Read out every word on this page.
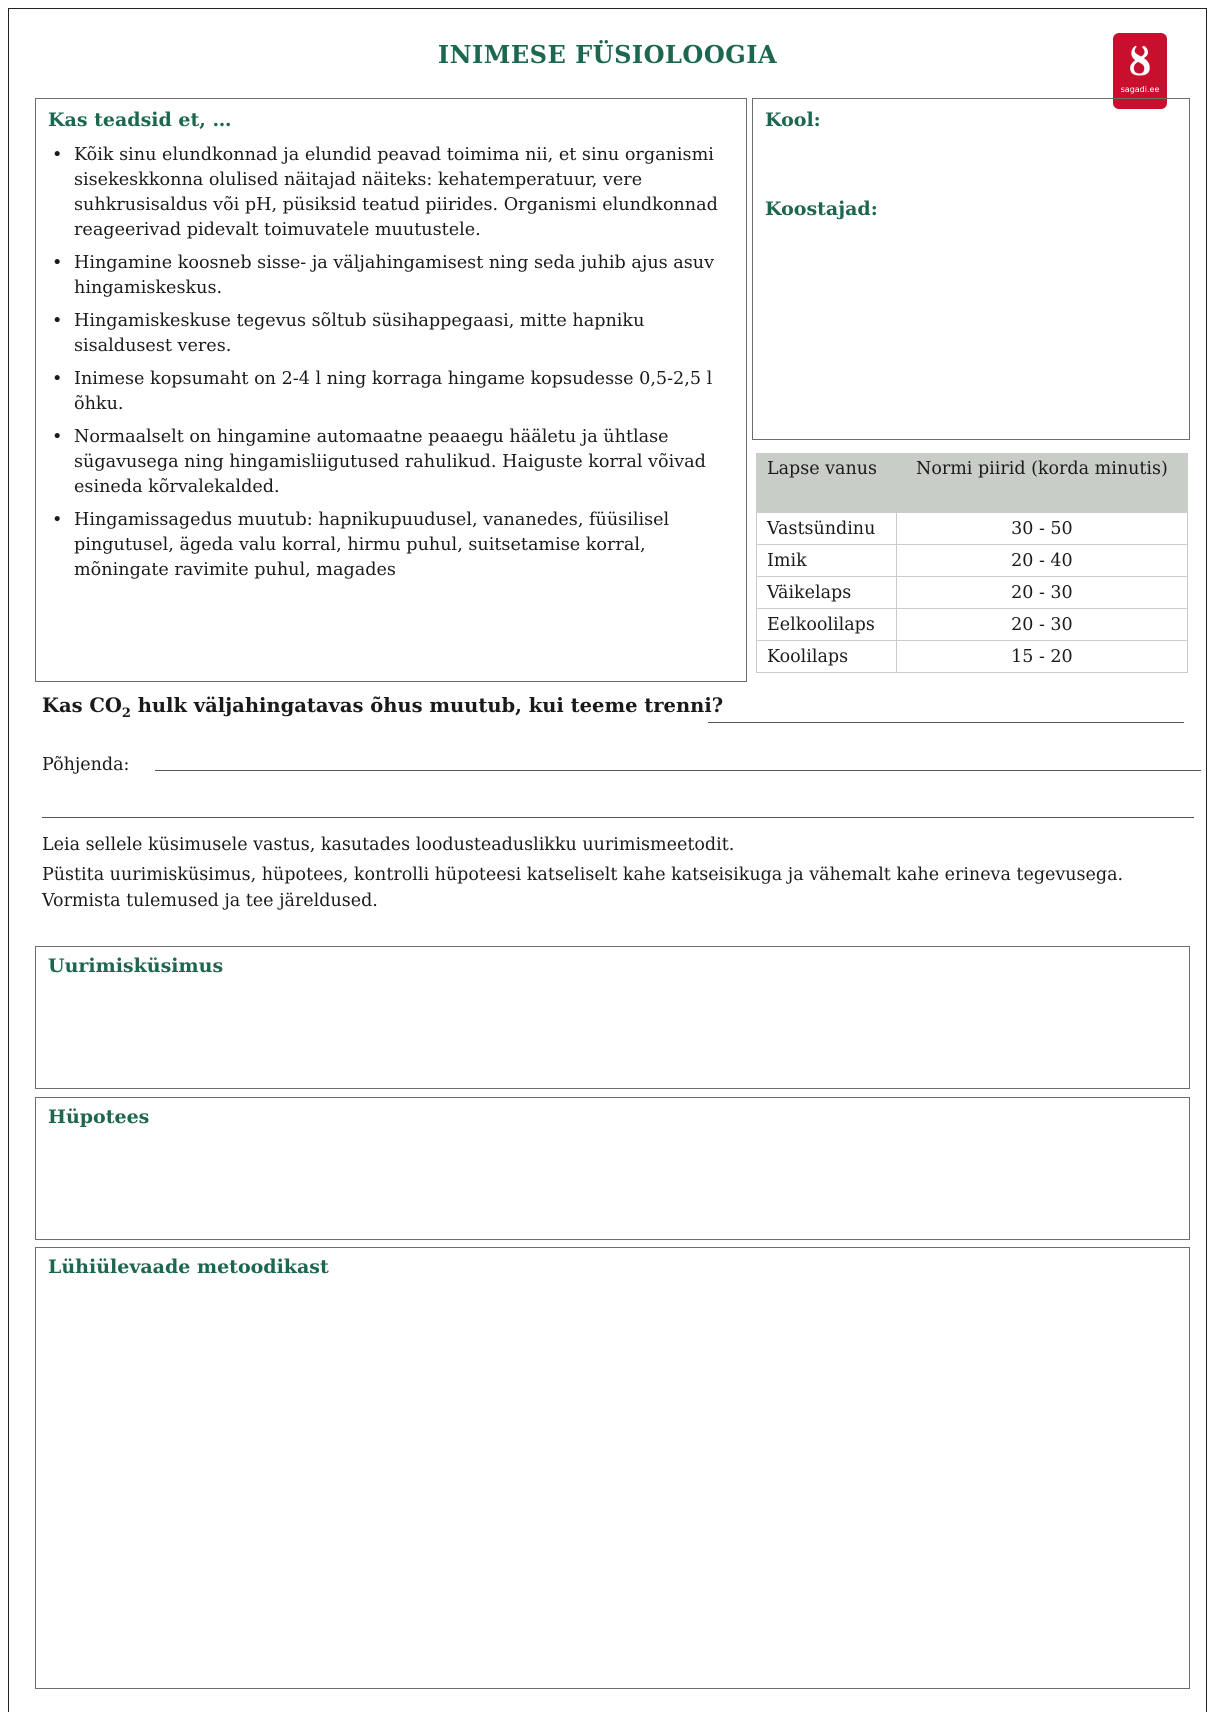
INIMESE FÜSIOLOOGIA	ȣ
sagadi.ee
Kas teadsid et, …
• Kõik sinu elundkonnad ja elundid peavad toimima nii, et sinu organismi sisekeskkonna olulised näitajad näiteks: kehatemperatuur, vere suhkrusisaldus või pH, püsiksid teatud piirides. Organismi elundkonnad reageerivad pidevalt toimuvatele muutustele.
• Hingamine koosneb sisse- ja väljahingamisest ning seda juhib ajus asuv hingamiskeskus.
• Hingamiskeskuse tegevus sõltub süsihappegaasi, mitte hapniku sisaldusest veres.
• Inimese kopsumaht on 2-4 l ning korraga hingame kopsudesse 0,5-2,5 l õhku.
• Normaalselt on hingamine automaatne peaaegu hääletu ja ühtlase sügavusega ning hingamisliigutused rahulikud. Haiguste korral võivad esineda kõrvalekalded.
• Hingamissagedus muutub: hapnikupuudusel, vananedes, füüsilisel pingutusel, ägeda valu korral, hirmu puhul, suitsetamise korral, mõningate ravimite puhul, magades
Kool:
Koostajad:
Lapse vanus	Normi piirid (korda minutis)
Vastsündinu	30 - 50
Imik	20 - 40
Väikelaps	20 - 30
Eelkoolilaps	20 - 30
Koolilaps	15 - 20
Kas $CO_2$ hulk väljahingatavas õhus muutub, kui teeme trenni?
Põhjenda:
Leia sellele küsimusele vastus, kasutades loodusteaduslikku uurimismeetodit.
Püstita uurimisküsimus, hüpotees, kontrolli hüpoteesi katseliselt kahe katseisikuga ja vähemalt kahe erineva tegevusega. Vormista tulemused ja tee järeldused.
Uurimisküsimus
Hüpotees
Lühiülevaade metoodikast
